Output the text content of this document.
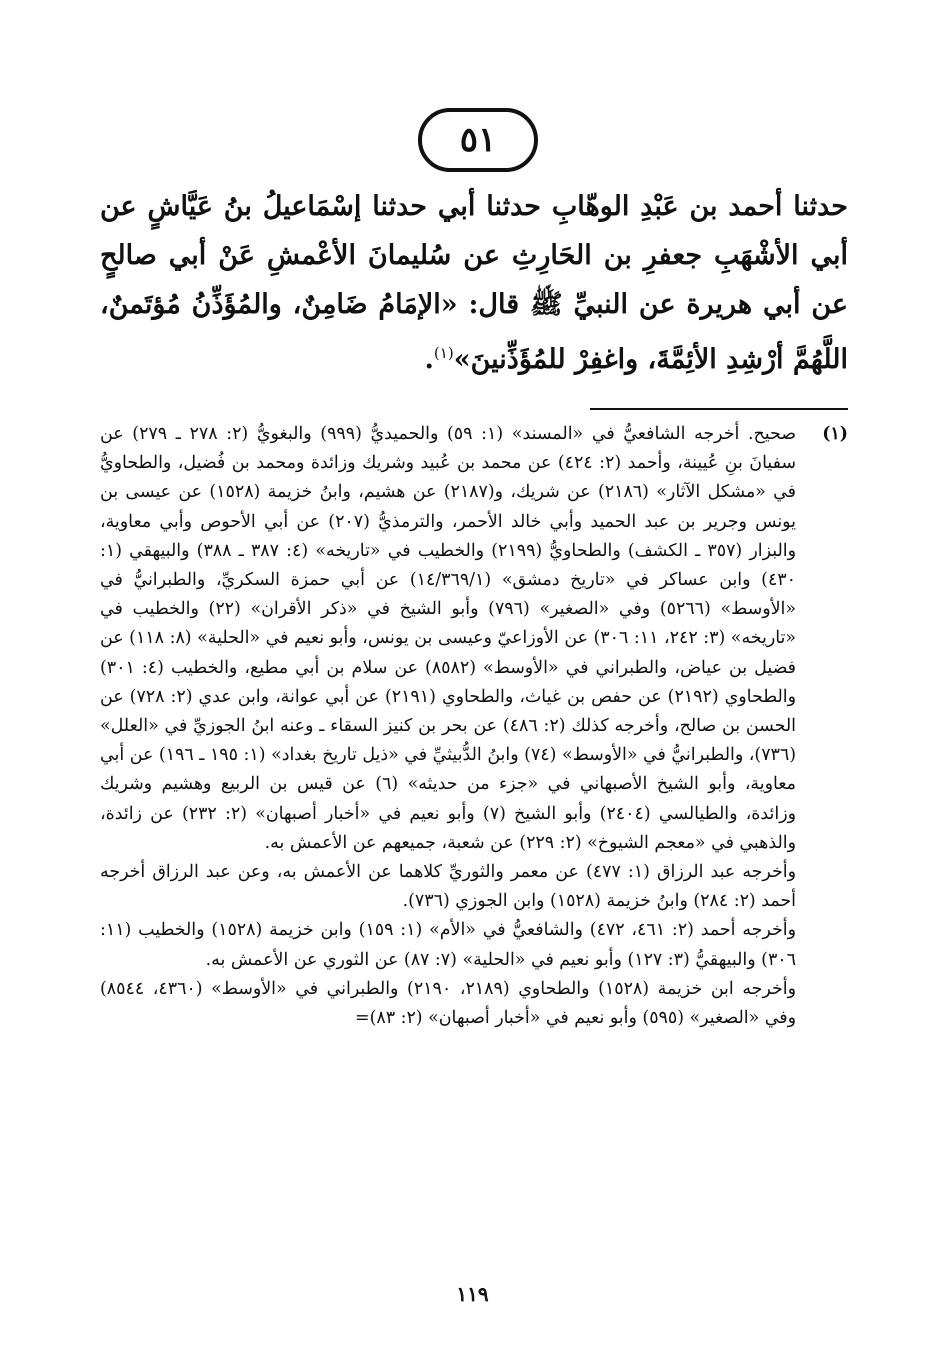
٥١
حدثنا أحمد بن عَبْدِ الوهّابِ حدثنا أبي حدثنا إسْمَاعيلُ بنُ عَيَّاشٍ عن أبي الأشْهَبِ جعفرِ بن الحَارِثِ عن سُليمانَ الأعْمشِ عَنْ أبي صالحٍ عن أبي هريرة عن النبيِّ ﷺ قال: «الإمَامُ ضَامِنٌ، والمُؤَذِّنُ مُؤتَمنٌ، اللَّهُمَّ أرْشِدِ الأئِمَّةَ، واغفِرْ للمُؤَذِّنينَ»$^{(١)}$.
(١)

صحيح. أخرجه الشافعيُّ في «المسند» (١: ٥٩) والحميديُّ (٩٩٩) والبغويُّ (٢: ٢٧٨ ـ ٢٧٩) عن سفيانَ بنِ عُيينة، وأحمد (٢: ٤٢٤) عن محمد بن عُبيد وشريك وزائدة ومحمد بن فُضيل، والطحاويُّ في «مشكل الآثار» (٢١٨٦) عن شريك، و(٢١٨٧) عن هشيم، وابنُ خزيمة (١٥٢٨) عن عيسى بن يونس وجرير بن عبد الحميد وأبي خالد الأحمر، والترمذيُّ (٢٠٧) عن أبي الأحوص وأبي معاوية، والبزار (٣٥٧ ـ الكشف) والطحاويُّ (٢١٩٩) والخطيب في «تاريخه» (٤: ٣٨٧ ـ ٣٨٨) والبيهقي (١: ٤٣٠) وابن عساكر في «تاريخ دمشق» (١٤/٣٦٩/١) عن أبي حمزة السكريِّ، والطبرانيُّ في «الأوسط» (٥٢٦٦) وفي «الصغير» (٧٩٦) وأبو الشيخ في «ذكر الأقران» (٢٢) والخطيب في «تاريخه» (٣: ٢٤٢، ١١: ٣٠٦) عن الأوزاعيّ وعيسى بن يونس، وأبو نعيم في «الحلية» (٨: ١١٨) عن فضيل بن عياض، والطبراني في «الأوسط» (٨٥٨٢) عن سلام بن أبي مطيع، والخطيب (٤: ٣٠١) والطحاوي (٢١٩٢) عن حفص بن غياث، والطحاوي (٢١٩١) عن أبي عوانة، وابن عدي (٢: ٧٢٨) عن الحسن بن صالح، وأخرجه كذلك (٢: ٤٨٦) عن بحر بن كنيز السقاء ـ وعنه ابنُ الجوزيِّ في «العلل» (٧٣٦)، والطبرانيُّ في «الأوسط» (٧٤) وابنُ الدُّبيثيِّ في «ذيل تاريخ بغداد» (١: ١٩٥ ـ ١٩٦) عن أبي معاوية، وأبو الشيخ الأصبهاني في «جزء من حديثه» (٦) عن قيس بن الربيع وهشيم وشريك وزائدة، والطيالسي (٢٤٠٤) وأبو الشيخ (٧) وأبو نعيم في «أخبار أصبهان» (٢: ٢٣٢) عن زائدة، والذهبي في «معجم الشيوخ» (٢: ٢٢٩) عن شعبة، جميعهم عن الأعمش به.

وأخرجه عبد الرزاق (١: ٤٧٧) عن معمر والثوريِّ كلاهما عن الأعمش به، وعن عبد الرزاق أخرجه أحمد (٢: ٢٨٤) وابنُ خزيمة (١٥٢٨) وابن الجوزي (٧٣٦).

وأخرجه أحمد (٢: ٤٦١، ٤٧٢) والشافعيُّ في «الأم» (١: ١٥٩) وابن خزيمة (١٥٢٨) والخطيب (١١: ٣٠٦) والبيهقيُّ (٣: ١٢٧) وأبو نعيم في «الحلية» (٧: ٨٧) عن الثوري عن الأعمش به.

وأخرجه ابن خزيمة (١٥٢٨) والطحاوي (٢١٨٩، ٢١٩٠) والطبراني في «الأوسط» (٤٣٦٠، ٨٥٤٤) وفي «الصغير» (٥٩٥) وأبو نعيم في «أخبار أصبهان» (٢: ٨٣)=

١١٩
